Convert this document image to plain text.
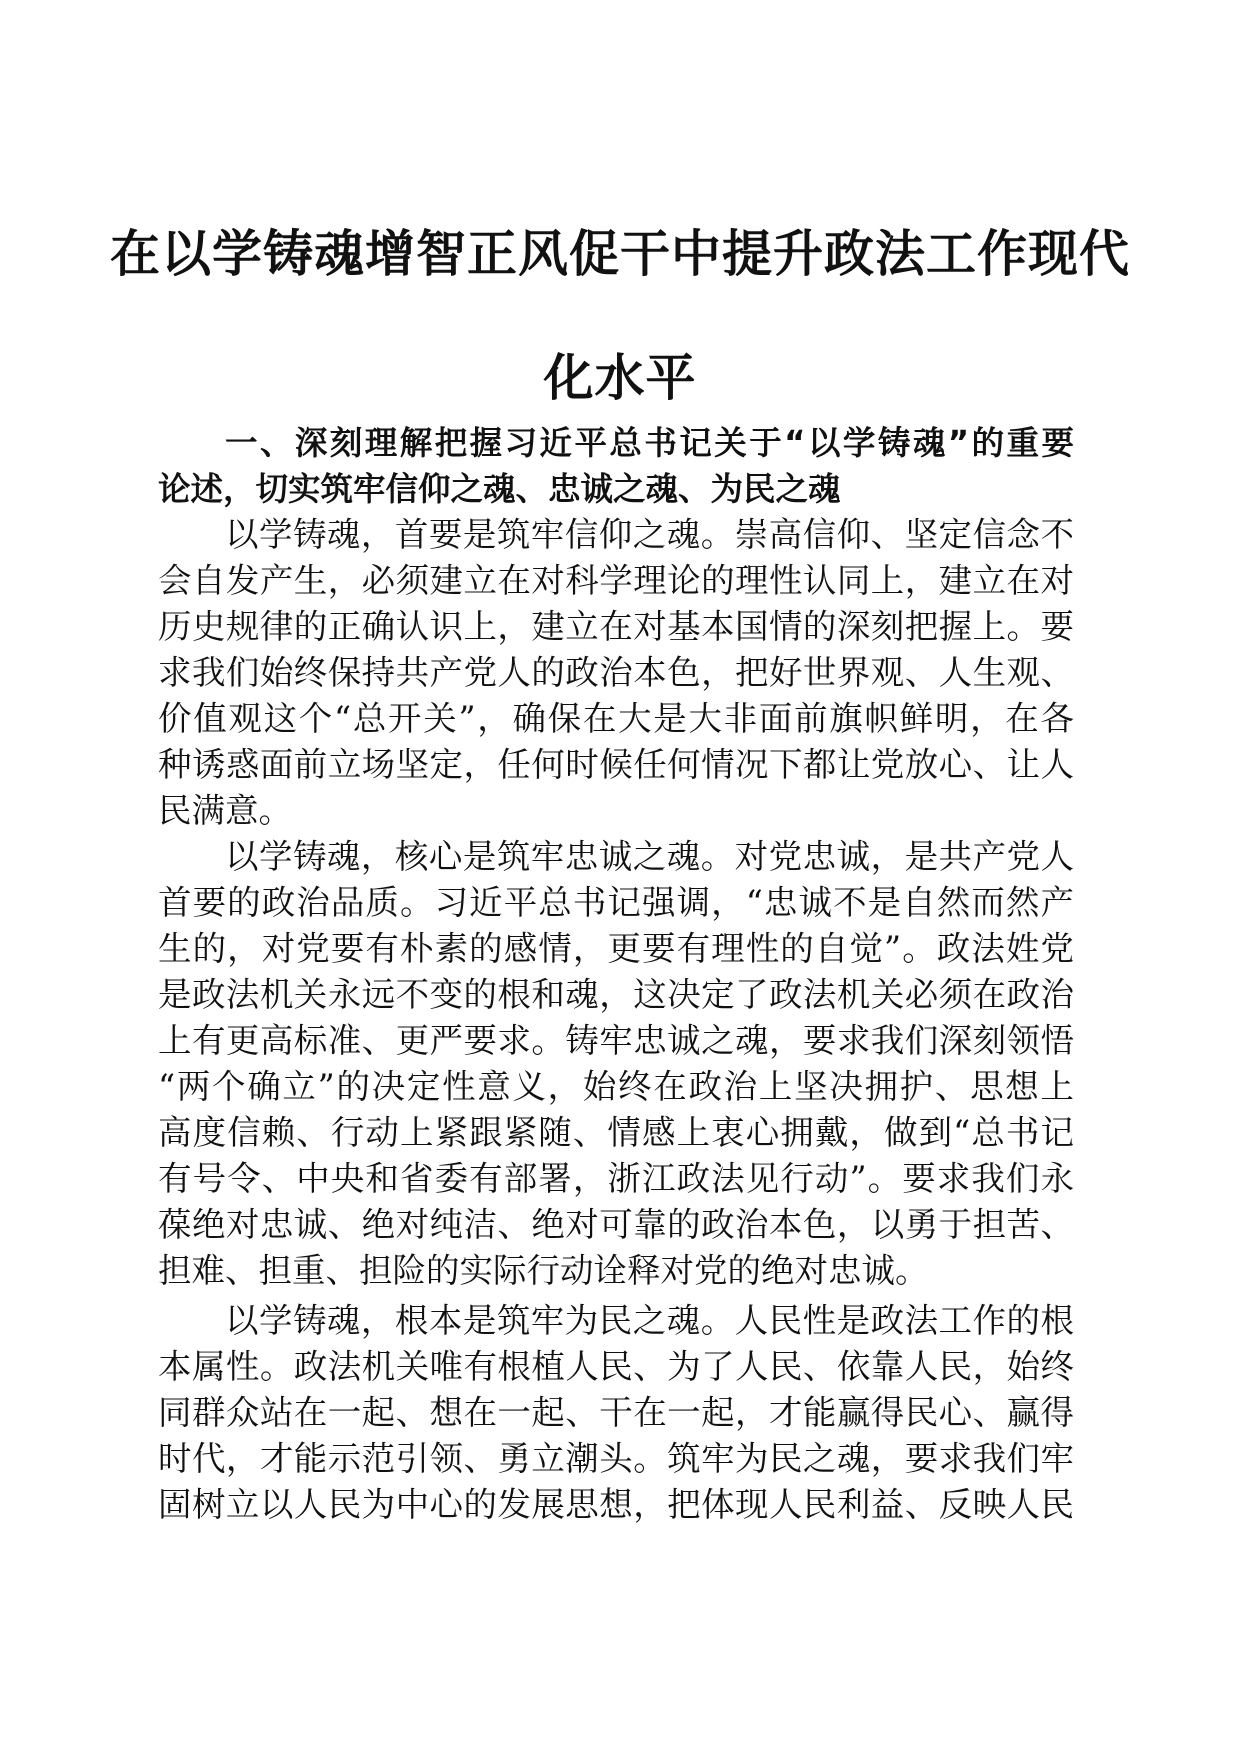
在以学铸魂增智正风促干中提升政法工作现代
化水平
一、深刻理解把握习近平总书记关于“以学铸魂”的重要
论述，切实筑牢信仰之魂、忠诚之魂、为民之魂
以学铸魂，首要是筑牢信仰之魂。崇高信仰、坚定信念不
会自发产生，必须建立在对科学理论的理性认同上，建立在对
历史规律的正确认识上，建立在对基本国情的深刻把握上。要
求我们始终保持共产党人的政治本色，把好世界观、人生观、
价值观这个“总开关”，确保在大是大非面前旗帜鲜明，在各
种诱惑面前立场坚定，任何时候任何情况下都让党放心、让人
民满意。
以学铸魂，核心是筑牢忠诚之魂。对党忠诚，是共产党人
首要的政治品质。习近平总书记强调，“忠诚不是自然而然产
生的，对党要有朴素的感情，更要有理性的自觉”。政法姓党
是政法机关永远不变的根和魂，这决定了政法机关必须在政治
上有更高标准、更严要求。铸牢忠诚之魂，要求我们深刻领悟
“两个确立”的决定性意义，始终在政治上坚决拥护、思想上
高度信赖、行动上紧跟紧随、情感上衷心拥戴，做到“总书记
有号令、中央和省委有部署，浙江政法见行动”。要求我们永
葆绝对忠诚、绝对纯洁、绝对可靠的政治本色，以勇于担苦、
担难、担重、担险的实际行动诠释对党的绝对忠诚。
以学铸魂，根本是筑牢为民之魂。人民性是政法工作的根
本属性。政法机关唯有根植人民、为了人民、依靠人民，始终
同群众站在一起、想在一起、干在一起，才能赢得民心、赢得
时代，才能示范引领、勇立潮头。筑牢为民之魂，要求我们牢
固树立以人民为中心的发展思想，把体现人民利益、反映人民
